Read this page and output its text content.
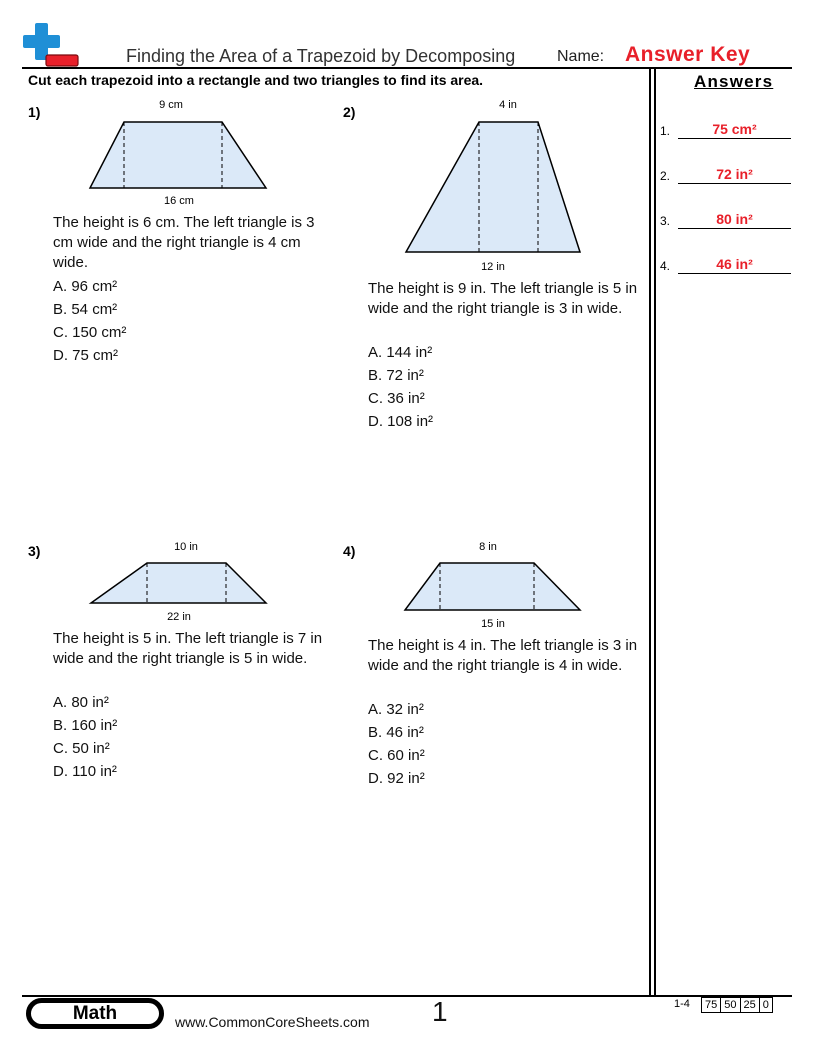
Finding the Area of a Trapezoid by Decomposing	Name: Answer Key
Cut each trapezoid into a rectangle and two triangles to find its area.	Answers
1.	75 cm²
2.	72 in²
3.	80 in²
4.	46 in²
1)	9 cm
16 cm
The height is 6 cm. The left triangle is 3 cm wide and the right triangle is 4 cm wide.
A. 96 cm²
B. 54 cm²
C. 150 cm²
D. 75 cm²
2)	4 in
12 in
The height is 9 in. The left triangle is 5 in wide and the right triangle is 3 in wide.
A. 144 in²
B. 72 in²
C. 36 in²
D. 108 in²
3)	10 in
22 in
The height is 5 in. The left triangle is 7 in wide and the right triangle is 5 in wide.
A. 80 in²
B. 160 in²
C. 50 in²
D. 110 in²
4)	8 in
15 in
The height is 4 in. The left triangle is 3 in wide and the right triangle is 4 in wide.
A. 32 in²
B. 46 in²
C. 60 in²
D. 92 in²
Math	www.CommonCoreSheets.com 1	1-4 75 50 25 0
